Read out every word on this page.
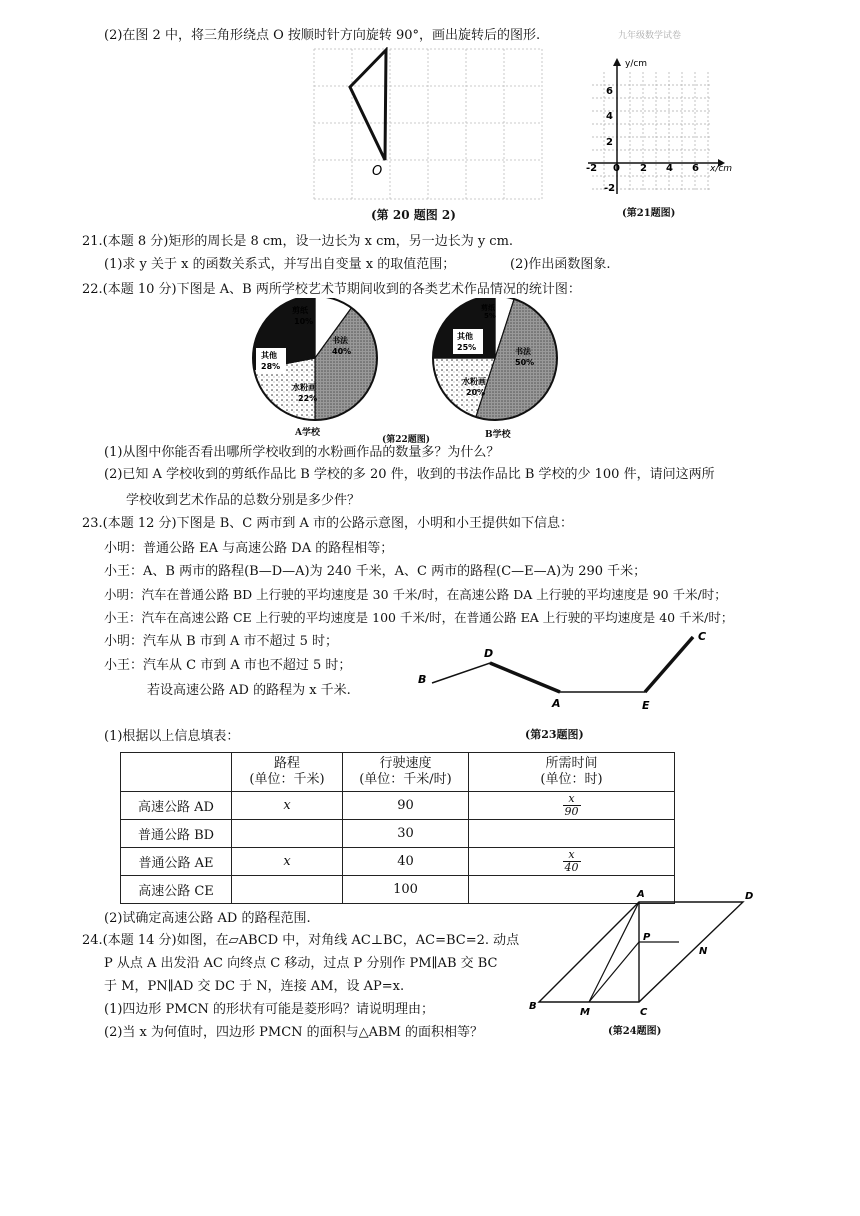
九年级数学试卷
(2)在图 2 中，将三角形绕点 O 按顺时针方向旋转 90°，画出旋转后的图形.
O
(第 20 题图 2)
y/cm
x/cm
6
4
2
-2
-2 0 2 4 6
(第21题图)
21.(本题 8 分)矩形的周长是 8 cm，设一边长为 x cm，另一边长为 y cm.
(1)求 y 关于 x 的函数关系式，并写出自变量 x 的取值范围；	(2)作出函数图象.
22.(本题 10 分)下图是 A、B 两所学校艺术节期间收到的各类艺术作品情况的统计图：
剪纸
10%
书法
40%
水粉画
22%
其他
28%
剪纸
5%
书法
50%
其他
25%
水粉画
20%
A学校
(第22题图)	B学校
(1)从图中你能否看出哪所学校收到的水粉画作品的数量多？为什么？
(2)已知 A 学校收到的剪纸作品比 B 学校的多 20 件，收到的书法作品比 B 学校的少 100 件，请问这两所
学校收到艺术作品的总数分别是多少件？
23.(本题 12 分)下图是 B、C 两市到 A 市的公路示意图，小明和小王提供如下信息：
小明：普通公路 EA 与高速公路 DA 的路程相等；
小王：A、B 两市的路程(B—D—A)为 240 千米，A、C 两市的路程(C—E—A)为 290 千米；
小明：汽车在普通公路 BD 上行驶的平均速度是 30 千米/时，在高速公路 DA 上行驶的平均速度是 90 千米/时；
小王：汽车在高速公路 CE 上行驶的平均速度是 100 千米/时，在普通公路 EA 上行驶的平均速度是 40 千米/时；
小明：汽车从 B 市到 A 市不超过 5 时；
小王：汽车从 C 市到 A 市也不超过 5 时；
若设高速公路 AD 的路程为 x 千米.
B
D
A	E
C
(第23题图)
(1)根据以上信息填表：
	路程
(单位：千米)	行驶速度
(单位：千米/时)	所需时间
(单位：时)
高速公路 AD	x	90	$\frac{x}{90}$

普通公路 BD		30	
普通公路 AE	x	40	$\frac{x}{40}$

高速公路 CE		100	
(2)试确定高速公路 AD 的路程范围.
24.(本题 14 分)如图，在▱ABCD 中，对角线 AC⊥BC，AC=BC=2. 动点
P 从点 A 出发沿 AC 向终点 C 移动，过点 P 分别作 PM∥AB 交 BC
于 M，PN∥AD 交 DC 于 N，连接 AM，设 AP=x.
(1)四边形 PMCN 的形状有可能是菱形吗？请说明理由；
(2)当 x 为何值时，四边形 PMCN 的面积与△ABM 的面积相等？
A	D
P
N
B
M	C
(第24题图)
